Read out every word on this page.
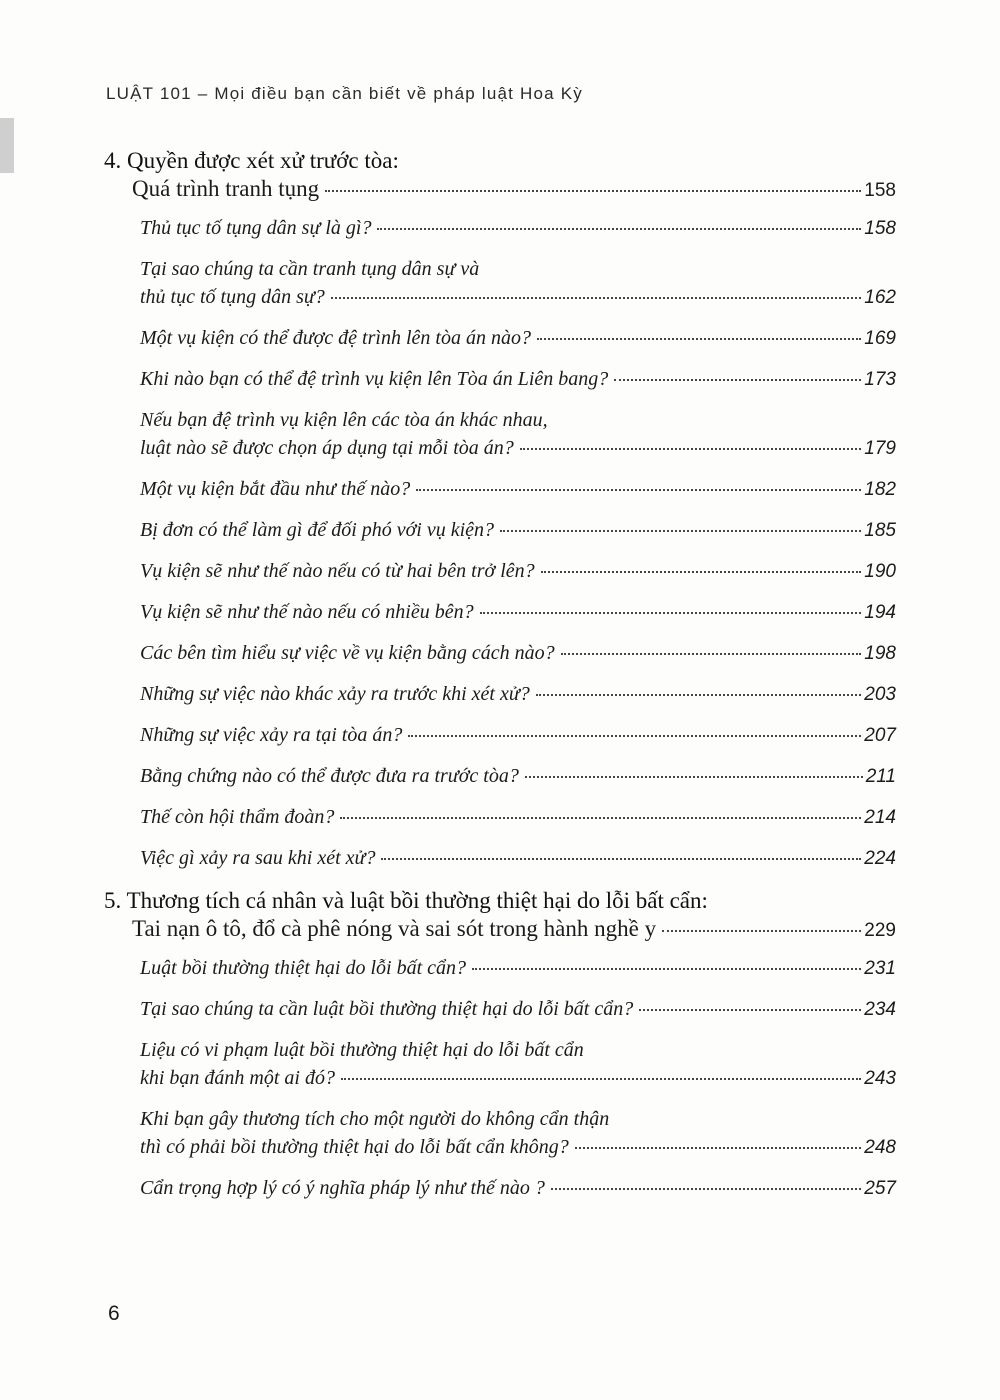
LUẬT 101 – Mọi điều bạn cần biết về pháp luật Hoa Kỳ
4. Quyền được xét xử trước tòa:
Quá trình tranh tụng	158
Thủ tục tố tụng dân sự là gì?	158
Tại sao chúng ta cần tranh tụng dân sự và
thủ tục tố tụng dân sự?	162
Một vụ kiện có thể được đệ trình lên tòa án nào?	169
Khi nào bạn có thể đệ trình vụ kiện lên Tòa án Liên bang?	173
Nếu bạn đệ trình vụ kiện lên các tòa án khác nhau,
luật nào sẽ được chọn áp dụng tại mỗi tòa án?	179
Một vụ kiện bắt đầu như thế nào?	182
Bị đơn có thể làm gì để đối phó với vụ kiện?	185
Vụ kiện sẽ như thế nào nếu có từ hai bên trở lên?	190
Vụ kiện sẽ như thế nào nếu có nhiều bên?	194
Các bên tìm hiểu sự việc về vụ kiện bằng cách nào?	198
Những sự việc nào khác xảy ra trước khi xét xử?	203
Những sự việc xảy ra tại tòa án?	207
Bằng chứng nào có thể được đưa ra trước tòa?	211
Thế còn hội thẩm đoàn?	214
Việc gì xảy ra sau khi xét xử?	224
5. Thương tích cá nhân và luật bồi thường thiệt hại do lỗi bất cẩn:
Tai nạn ô tô, đổ cà phê nóng và sai sót trong hành nghề y	229
Luật bồi thường thiệt hại do lỗi bất cẩn?	231
Tại sao chúng ta cần luật bồi thường thiệt hại do lỗi bất cẩn?	234
Liệu có vi phạm luật bồi thường thiệt hại do lỗi bất cẩn
khi bạn đánh một ai đó?	243
Khi bạn gây thương tích cho một người do không cẩn thận
thì có phải bồi thường thiệt hại do lỗi bất cẩn không?	248
Cẩn trọng hợp lý có ý nghĩa pháp lý như thế nào ?	257
6
